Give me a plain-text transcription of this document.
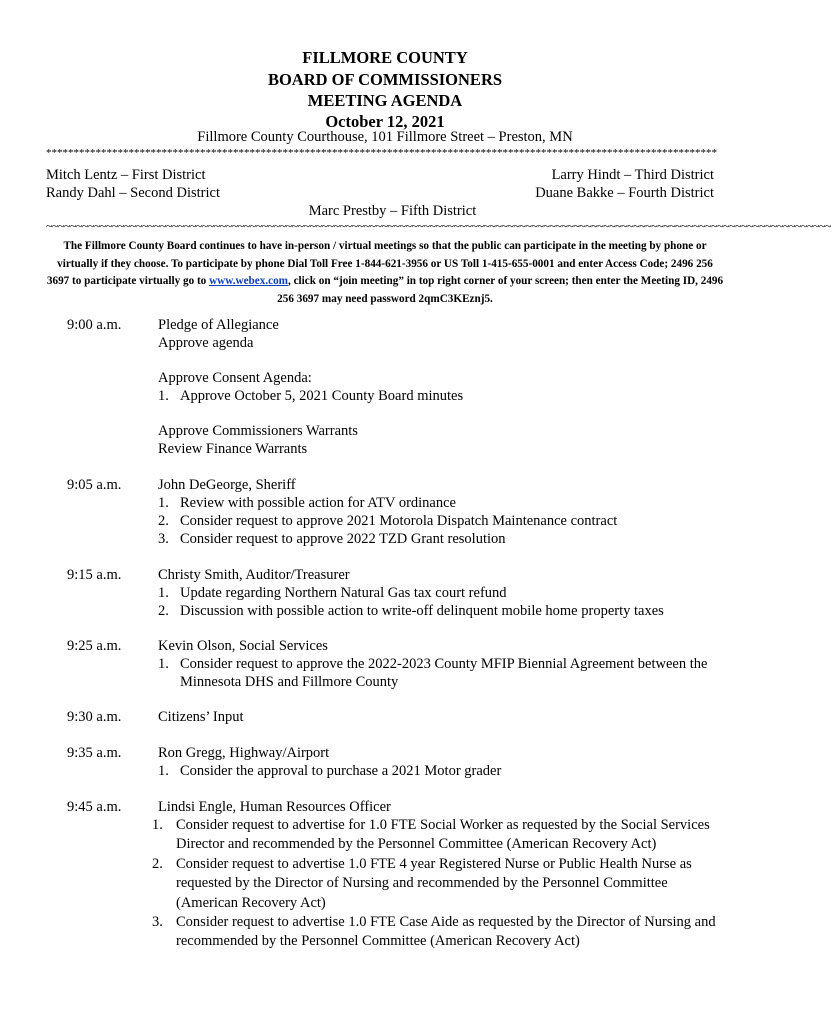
FILLMORE COUNTY
BOARD OF COMMISSIONERS
MEETING AGENDA
October 12, 2021
Fillmore County Courthouse, 101 Fillmore Street – Preston, MN
**************************************************************************************************************************
Mitch Lentz – First District
Randy Dahl – Second District
Larry Hindt – Third District
Duane Bakke – Fourth District
Marc Prestby – Fifth District
~~~~~~~~~~~~~~~~~~~~~~~~~~~~~~~~~~~~~~~~~~~~~~~~~~~~~~~~~~~~~~~~~~~~~~~~~~~~~~~~~~~~~~~~~~~~~~~~~~~~~~~~~~~~~~~~~~~~~~~~~~~~~~~~~~~
The Fillmore County Board continues to have in-person / virtual meetings so that the public can participate in the meeting by phone or virtually if they choose. To participate by phone Dial Toll Free 1-844-621-3956 or US Toll 1-415-655-0001 and enter Access Code; 2496 256 3697 to participate virtually go to www.webex.com, click on “join meeting” in top right corner of your screen; then enter the Meeting ID, 2496 256 3697 may need password 2qmC3KEznj5.
9:00 a.m.	Pledge of Allegiance

Approve agenda

Approve Consent Agenda:

1. Approve October 5, 2021 County Board minutes

Approve Commissioners Warrants

Review Finance Warrants

9:05 a.m.	John DeGeorge, Sheriff

1. Review with possible action for ATV ordinance
2. Consider request to approve 2021 Motorola Dispatch Maintenance contract
3. Consider request to approve 2022 TZD Grant resolution
9:15 a.m.	Christy Smith, Auditor/Treasurer

1. Update regarding Northern Natural Gas tax court refund
2. Discussion with possible action to write-off delinquent mobile home property taxes
9:25 a.m.	Kevin Olson, Social Services

1. Consider request to approve the 2022-2023 County MFIP Biennial Agreement between the Minnesota DHS and Fillmore County
9:30 a.m.	Citizens’ Input

9:35 a.m.	Ron Gregg, Highway/Airport

1. Consider the approval to purchase a 2021 Motor grader
9:45 a.m.	Lindsi Engle, Human Resources Officer

1. Consider request to advertise for 1.0 FTE Social Worker as requested by the Social Services Director and recommended by the Personnel Committee (American Recovery Act)
2. Consider request to advertise 1.0 FTE 4 year Registered Nurse or Public Health Nurse as requested by the Director of Nursing and recommended by the Personnel Committee (American Recovery Act)
3. Consider request to advertise 1.0 FTE Case Aide as requested by the Director of Nursing and recommended by the Personnel Committee (American Recovery Act)
